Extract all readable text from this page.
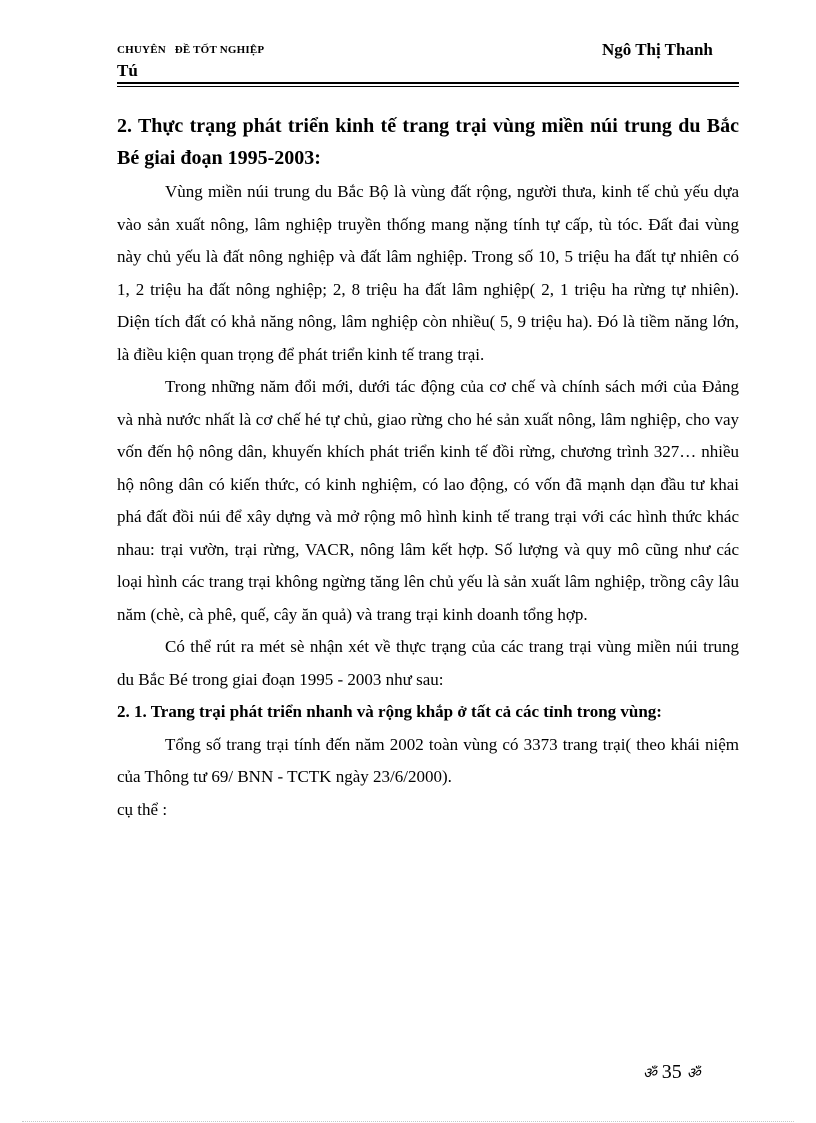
CHUYÊN   ĐỀ TỐT NGHIỆP	Ngô Thị Thanh
Tú
2. Thực trạng phát triển kinh tế trang trại vùng miền núi trung du Bắc Bé giai đoạn 1995-2003:

Vùng miền núi trung du Bắc Bộ là vùng đất rộng, người thưa, kinh tế chủ yếu dựa vào sản xuất nông, lâm nghiệp truyền thống mang nặng tính tự cấp, tù tóc. Đất đai vùng này chủ yếu là đất nông nghiệp và đất lâm nghiệp. Trong số 10, 5 triệu ha đất tự nhiên có 1, 2 triệu ha đất nông nghiệp; 2, 8 triệu ha đất lâm nghiệp( 2, 1 triệu ha rừng tự nhiên). Diện tích đất có khả năng nông, lâm nghiệp còn nhiều( 5, 9 triệu ha). Đó là tiềm năng lớn, là điều kiện quan trọng để phát triển kinh tế trang trại.

Trong những năm đổi mới, dưới tác động của cơ chế và chính sách mới của Đảng và nhà nước nhất là cơ chế hé tự chủ, giao rừng cho hé sản xuất nông, lâm nghiệp, cho vay vốn đến hộ nông dân, khuyến khích phát triển kinh tế đồi rừng, chương trình 327… nhiều hộ nông dân có kiến thức, có kinh nghiệm, có lao động, có vốn đã mạnh dạn đầu tư khai phá đất đồi núi để xây dựng và mở rộng mô hình kinh tế trang trại với các hình thức khác nhau: trại vườn, trại rừng, VACR, nông lâm kết hợp. Số lượng và quy mô cũng như các loại hình các trang trại không ngừng tăng lên chủ yếu là sản xuất lâm nghiệp, trồng cây lâu năm (chè, cà phê, quế, cây ăn quả) và trang trại kinh doanh tổng hợp.

Có thể rút ra mét sè nhận xét về thực trạng của các trang trại vùng miền núi trung du Bắc Bé trong giai đoạn 1995 - 2003 như sau:

2. 1. Trang trại phát triển nhanh và rộng khắp ở tất cả các tỉnh trong vùng:

Tổng số trang trại tính đến năm 2002 toàn vùng có 3373 trang trại( theo khái niệm của Thông tư 69/ BNN - TCTK ngày 23/6/2000).

cụ thể :

ॐ 35 ॐ
